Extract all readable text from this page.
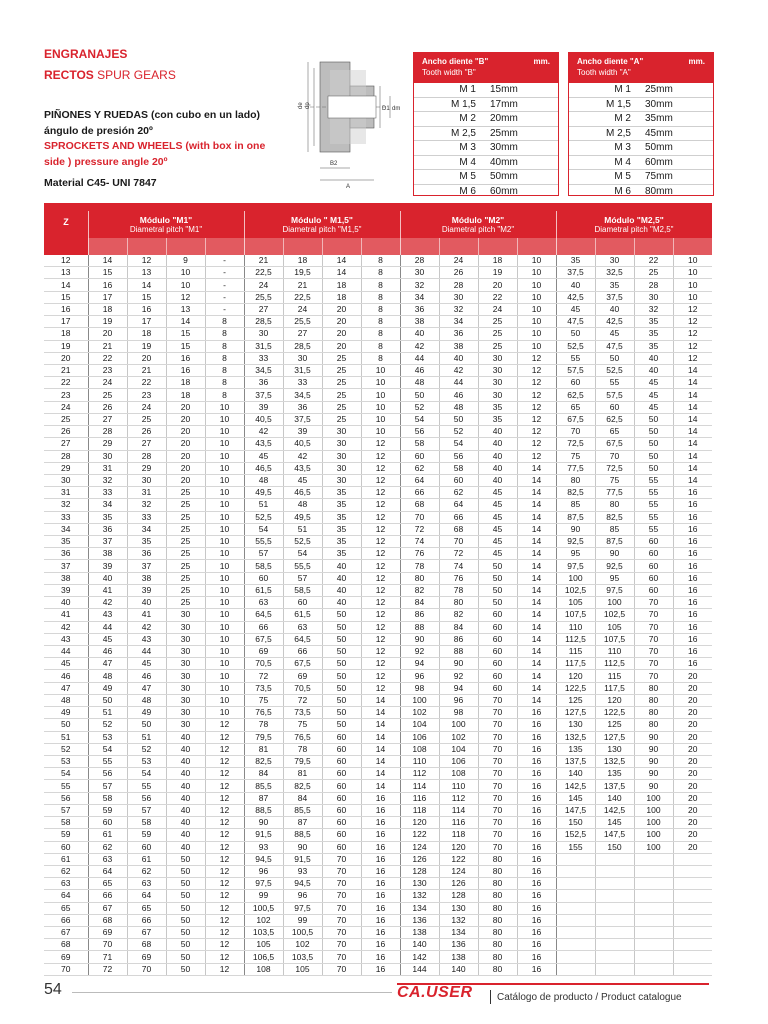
ENGRANAJES
RECTOS SPUR GEARS
PIÑONES Y RUEDAS (con cubo en un lado) ángulo de presión 20º
SPROCKETS AND WHEELS (with box in one side ) pressure angle 20º
Material C45- UNI 7847
de dp	D1 dm
B2
A
Ancho diente "B"	mm.
Tooth width "B"
M 1	15mm
M 1,5	17mm
M 2	20mm
M 2,5	25mm
M 3	30mm
M 4	40mm
M 5	50mm
M 6	60mm
Ancho diente "A"	mm.
Tooth width "A"
M 1	25mm
M 1,5	30mm
M 2	35mm
M 2,5	45mm
M 3	50mm
M 4	60mm
M 5	75mm
M 6	80mm
Z	Módulo "M1"
Diametral pitch "M1"
Módulo " M1,5"
Diametral pitch "M1,5"
Módulo "M2"
Diametral pitch "M2"
Módulo "M2,5"
Diametral pitch "M2,5"
12	14	12	9	-	21	18	14	8	28	24	18	10	35	30	22	10
13	15	13	10	-	22,5	19,5	14	8	30	26	19	10	37,5	32,5	25	10
14	16	14	10	-	24	21	18	8	32	28	20	10	40	35	28	10
15	17	15	12	-	25,5	22,5	18	8	34	30	22	10	42,5	37,5	30	10
16	18	16	13	-	27	24	20	8	36	32	24	10	45	40	32	12
17	19	17	14	8	28,5	25,5	20	8	38	34	25	10	47,5	42,5	35	12
18	20	18	15	8	30	27	20	8	40	36	25	10	50	45	35	12
19	21	19	15	8	31,5	28,5	20	8	42	38	25	10	52,5	47,5	35	12
20	22	20	16	8	33	30	25	8	44	40	30	12	55	50	40	12
21	23	21	16	8	34,5	31,5	25	10	46	42	30	12	57,5	52,5	40	14
22	24	22	18	8	36	33	25	10	48	44	30	12	60	55	45	14
23	25	23	18	8	37,5	34,5	25	10	50	46	30	12	62,5	57,5	45	14
24	26	24	20	10	39	36	25	10	52	48	35	12	65	60	45	14
25	27	25	20	10	40,5	37,5	25	10	54	50	35	12	67,5	62,5	50	14
26	28	26	20	10	42	39	30	10	56	52	40	12	70	65	50	14
27	29	27	20	10	43,5	40,5	30	12	58	54	40	12	72,5	67,5	50	14
28	30	28	20	10	45	42	30	12	60	56	40	12	75	70	50	14
29	31	29	20	10	46,5	43,5	30	12	62	58	40	14	77,5	72,5	50	14
30	32	30	20	10	48	45	30	12	64	60	40	14	80	75	55	14
31	33	31	25	10	49,5	46,5	35	12	66	62	45	14	82,5	77,5	55	16
32	34	32	25	10	51	48	35	12	68	64	45	14	85	80	55	16
33	35	33	25	10	52,5	49,5	35	12	70	66	45	14	87,5	82,5	55	16
34	36	34	25	10	54	51	35	12	72	68	45	14	90	85	55	16
35	37	35	25	10	55,5	52,5	35	12	74	70	45	14	92,5	87,5	60	16
36	38	36	25	10	57	54	35	12	76	72	45	14	95	90	60	16
37	39	37	25	10	58,5	55,5	40	12	78	74	50	14	97,5	92,5	60	16
38	40	38	25	10	60	57	40	12	80	76	50	14	100	95	60	16
39	41	39	25	10	61,5	58,5	40	12	82	78	50	14	102,5	97,5	60	16
40	42	40	25	10	63	60	40	12	84	80	50	14	105	100	70	16
41	43	41	30	10	64,5	61,5	50	12	86	82	60	14	107,5	102,5	70	16
42	44	42	30	10	66	63	50	12	88	84	60	14	110	105	70	16
43	45	43	30	10	67,5	64,5	50	12	90	86	60	14	112,5	107,5	70	16
44	46	44	30	10	69	66	50	12	92	88	60	14	115	110	70	16
45	47	45	30	10	70,5	67,5	50	12	94	90	60	14	117,5	112,5	70	16
46	48	46	30	10	72	69	50	12	96	92	60	14	120	115	70	20
47	49	47	30	10	73,5	70,5	50	12	98	94	60	14	122,5	117,5	80	20
48	50	48	30	10	75	72	50	14	100	96	70	14	125	120	80	20
49	51	49	30	10	76,5	73,5	50	14	102	98	70	16	127,5	122,5	80	20
50	52	50	30	12	78	75	50	14	104	100	70	16	130	125	80	20
51	53	51	40	12	79,5	76,5	60	14	106	102	70	16	132,5	127,5	90	20
52	54	52	40	12	81	78	60	14	108	104	70	16	135	130	90	20
53	55	53	40	12	82,5	79,5	60	14	110	106	70	16	137,5	132,5	90	20
54	56	54	40	12	84	81	60	14	112	108	70	16	140	135	90	20
55	57	55	40	12	85,5	82,5	60	14	114	110	70	16	142,5	137,5	90	20
56	58	56	40	12	87	84	60	16	116	112	70	16	145	140	100	20
57	59	57	40	12	88,5	85,5	60	16	118	114	70	16	147,5	142,5	100	20
58	60	58	40	12	90	87	60	16	120	116	70	16	150	145	100	20
59	61	59	40	12	91,5	88,5	60	16	122	118	70	16	152,5	147,5	100	20
60	62	60	40	12	93	90	60	16	124	120	70	16	155	150	100	20
61	63	61	50	12	94,5	91,5	70	16	126	122	80	16				
62	64	62	50	12	96	93	70	16	128	124	80	16				
63	65	63	50	12	97,5	94,5	70	16	130	126	80	16				
64	66	64	50	12	99	96	70	16	132	128	80	16				
65	67	65	50	12	100,5	97,5	70	16	134	130	80	16				
66	68	66	50	12	102	99	70	16	136	132	80	16				
67	69	67	50	12	103,5	100,5	70	16	138	134	80	16				
68	70	68	50	12	105	102	70	16	140	136	80	16				
69	71	69	50	12	106,5	103,5	70	16	142	138	80	16				
70	72	70	50	12	108	105	70	16	144	140	80	16				
54	CA.USER Catálogo de producto / Product catalogue
